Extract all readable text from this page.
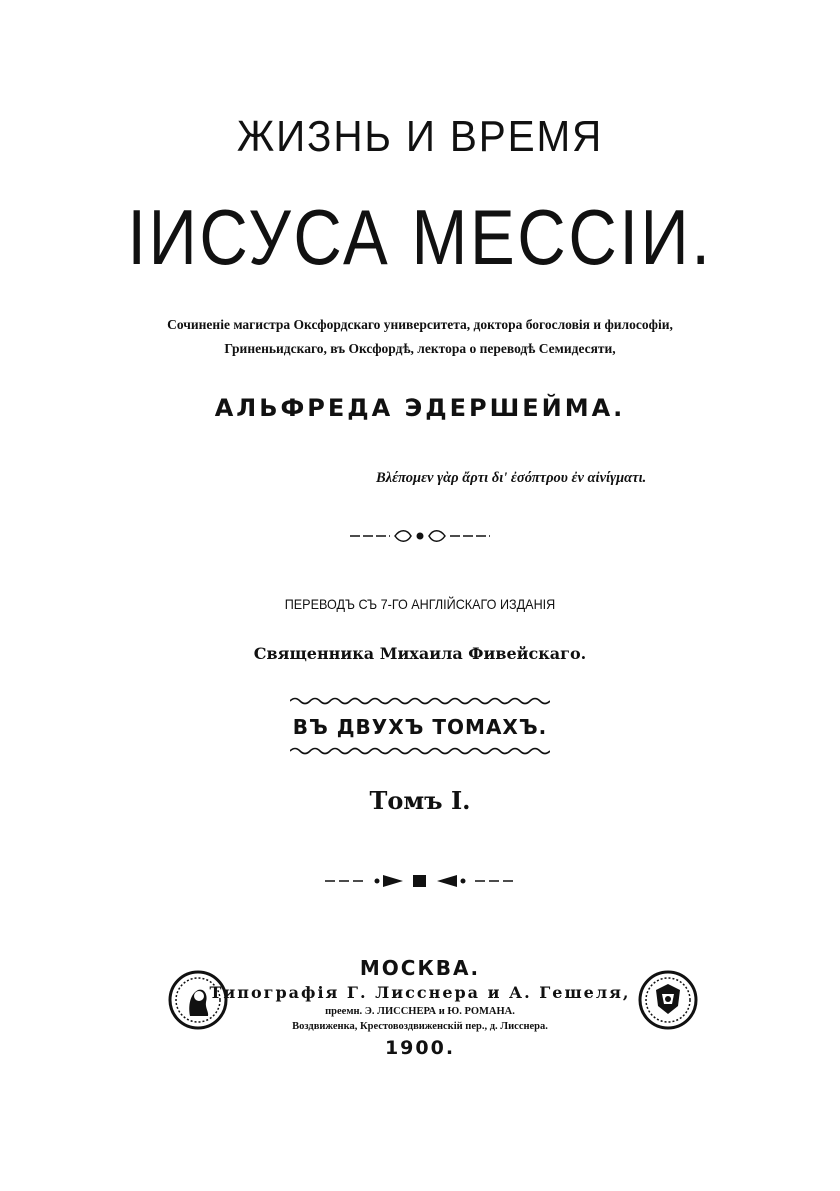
ЖИЗНЬ И ВРЕМЯ
ІИСУСА МЕССІИ.
Сочиненіе магистра Оксфордскаго университета, доктора богословія и философіи,
Гриненьидскаго, въ Оксфордѣ, лектора о переводѣ Семидесяти,
АЛЬФРЕДА ЭДЕРШЕЙМА.
Βλέπομεν γὰρ ἄρτι δι' ἐσόπτρου ἐν αἰνίγματι.
ПЕРЕВОДЪ СЪ 7-ГО АНГЛІЙСКАГО ИЗДАНІЯ
Священника Михаила Фивейскаго.
ВЪ ДВУХЪ ТОМАХЪ.
Томъ I.
МОСКВА.
Типографія Г. Лисснера и А. Гешеля,
преемн. Э. ЛИССНЕРА и Ю. РОМАНА.
Воздвиженка, Крестовоздвиженскій пер., д. Лисснера.
1900.
